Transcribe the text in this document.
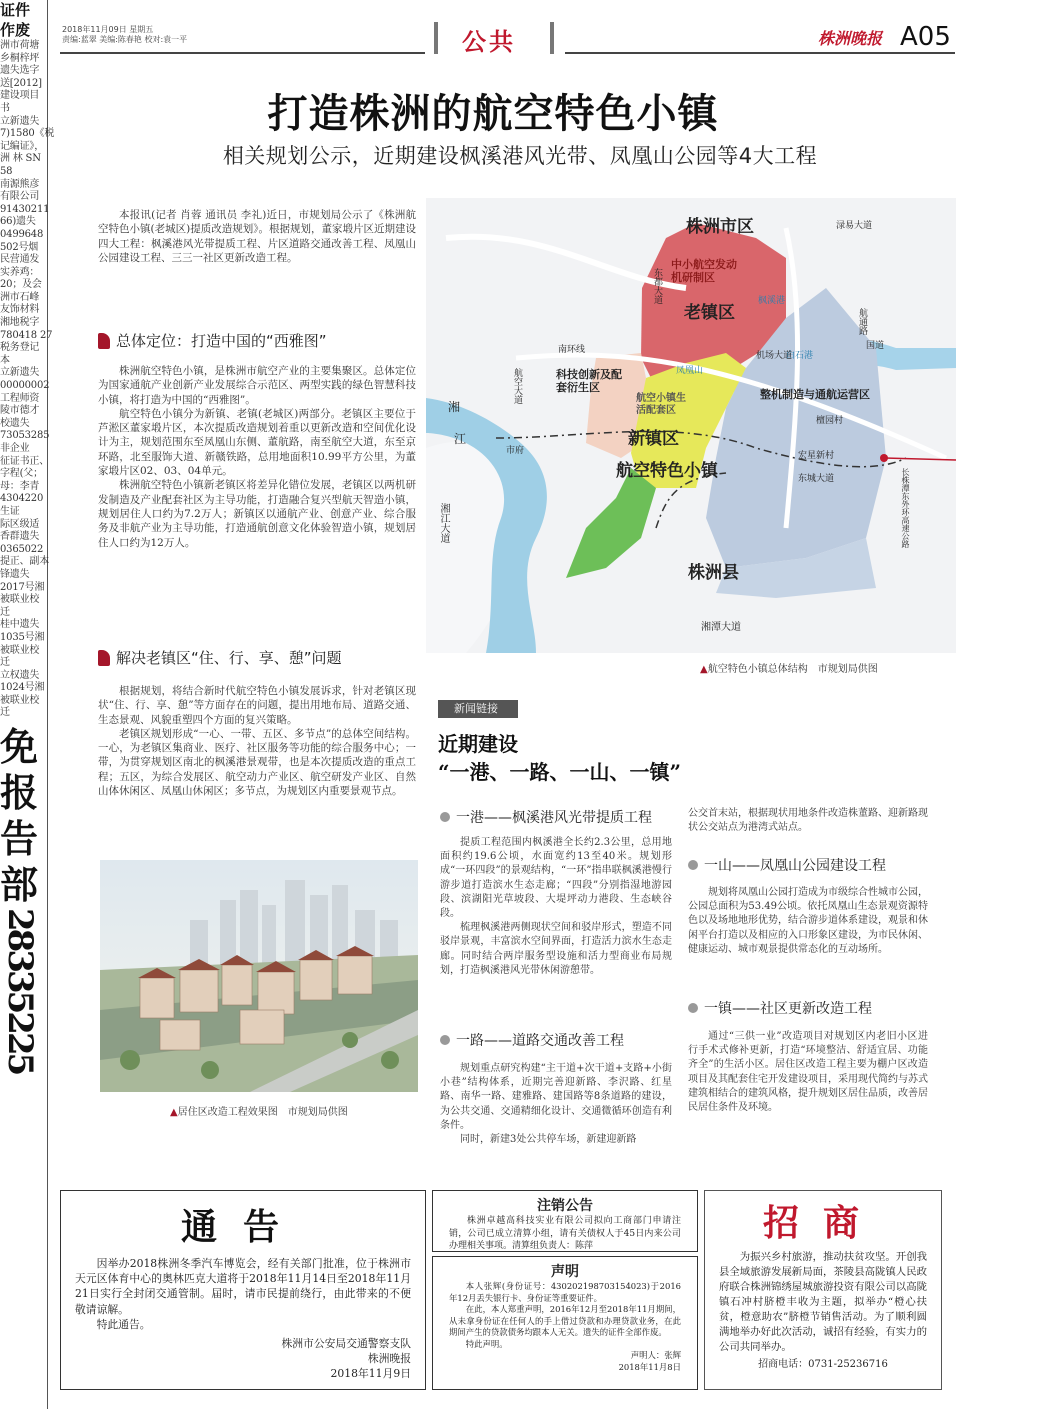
证件
作废
洲市荷塘
乡桐梓坪
遗失选字
送[2012]
建设项目
书
立新遗失
7)1580《税
记编证》，
洲 林 SN
58
南源熊彦
有限公司
91430211
66)遗失
0499648
502号烟
民营通发
实养鸡：
20；及会
洲市石峰
友饰材料
湘地税字
780418 27
税务登记
本
立新遗失
00000002
工程师资
陵市德才
校遗失
73053285
非企业
征证书正、
字程(父；
母：李青
4304220
生证
际区级适
香群遗失
0365022
提正、副本
锋遗失
2017号湘
被联业校
迁
桂中遗失
1035号湘
被联业校
迁
立权遗失
1024号湘
被联业校
迁
免
报
告
部
28335225
2018年11月09日 星期五
责编:蓝翠 美编:陈春艳 校对:袁一平	公共	株洲晚报 A05
打造株洲的航空特色小镇
相关规划公示，近期建设枫溪港风光带、凤凰山公园等4大工程

本报讯(记者 肖蓉 通讯员 李礼)近日，市规划局公示了《株洲航空特色小镇(老城区)提质改造规划》。根据规划，董家塅片区近期建设四大工程：枫溪港风光带提质工程、片区道路交通改善工程、凤凰山公园建设工程、三三一社区更新改造工程。

总体定位：打造中国的“西雅图”

株洲航空特色小镇，是株洲市航空产业的主要集聚区。总体定位为国家通航产业创新产业发展综合示范区、两型实践的绿色智慧科技小镇，将打造为中国的“西雅图”。

航空特色小镇分为新镇、老镇(老城区)两部分。老镇区主要位于芦淞区董家塅片区，本次提质改造规划着重以更新改造和空间优化设计为主，规划范围东至凤凰山东侧、董航路，南至航空大道，东至京环路，北至服饰大道、新赣铁路，总用地面积10.99平方公里，为董家塅片区02、03、04单元。

株洲航空特色小镇新老镇区将差异化错位发展，老镇区以两机研发制造及产业配套社区为主导功能，打造融合复兴型航天智造小镇，规划居住人口约为7.2万人；新镇区以通航产业、创意产业、综合服务及非航产业为主导功能，打造通航创意文化体验智造小镇，规划居住人口约为12万人。

解决老镇区“住、行、享、憩”问题

根据规划，将结合新时代航空特色小镇发展诉求，针对老镇区现状“住、行、享、憩”等方面存在的问题，提出用地布局、道路交通、生态景观、风貌重塑四个方面的复兴策略。

老镇区规划形成“一心、一带、五区、多节点”的总体空间结构。一心，为老镇区集商业、医疗、社区服务等功能的综合服务中心；一带，为贯穿规划区南北的枫溪港景观带，也是本次提质改造的重点工程；五区，为综合发展区、航空动力产业区、航空研发产业区、自然山体休闲区、凤凰山休闲区；多节点，为规划区内重要景观节点。

▲居住区改造工程效果图　市规划局供图
株洲市区
中小航空发动机研制区
老镇区
科技创新及配套衍生区
航空小镇生活配套区
新镇区
航空特色小镇
整机制造与通航运营区
株洲县
湘
江
湘江大道
湘潭大道
南环线
凤凰山
枫溪港
白石港
航空大道
东都大道
机场大道
宏星新村
东城大道
市府
国道
檀园村
长株潭东外环高速公路
航通路
渌易大道
▲航空特色小镇总体结构　市规划局供图
新闻链接
近期建设
“一港、一路、一山、一镇”
一港——枫溪港风光带提质工程

提质工程范围内枫溪港全长约2.3公里，总用地面积约19.6公顷，水面宽约13至40米。规划形成“一环四段”的景观结构，“一环”指串联枫溪港慢行游步道打造滨水生态走廊；“四段”分别指湿地游园段、滨湖阳光草坡段、大堤坪动力港段、生态峡谷段。

梳理枫溪港两侧现状空间和驳岸形式，塑造不同驳岸景观，丰富滨水空间界面，打造活力滨水生态走廊。同时结合两岸服务型设施和活力型商业布局规划，打造枫溪港风光带休闲游憩带。

一路——道路交通改善工程

规划重点研究构建“主干道+次干道+支路+小街小巷”结构体系，近期完善迎新路、李沢路、红星路、南华一路、建雅路、建国路等8条道路的建设，为公共交通、交通精细化设计、交通微循环创造有利条件。

同时，新建3处公共停车场，新建迎新路

公交首末站，根据现状用地条件改造株董路、迎新路现状公交站点为港湾式站点。

一山——凤凰山公园建设工程

规划将凤凰山公园打造成为市级综合性城市公园，公园总面积为53.49公顷。依托凤凰山生态景观资源特色以及场地地形优势，结合游步道体系建设，观景和休闲平台打造以及相应的入口形象区建设，为市民休闲、健康运动、城市观景提供常态化的互动场所。

一镇——社区更新改造工程

通过“三供一业”改造项目对规划区内老旧小区进行手术式修补更新，打造“环境整洁、舒适宜居、功能齐全”的生活小区。居住区改造工程主要为棚户区改造项目及其配套住宅开发建设项目，采用现代简约与苏式建筑相结合的建筑风格，提升规划区居住品质，改善居民居住条件及环境。

通告

因举办2018株洲冬季汽车博览会，经有关部门批准，位于株洲市天元区体育中心的奥林匹克大道将于2018年11月14日至2018年11月21日实行全封闭交通管制。届时，请市民提前绕行，由此带来的不便敬请谅解。

特此通告。

株洲市公安局交通警察支队
株洲晚报
2018年11月9日
注销公告

株洲卓越高科技实业有限公司拟向工商部门申请注销，公司已成立清算小组，请有关债权人于45日内来公司办理相关事项。清算组负责人：陈萍

声明

本人张辉(身份证号：430202198703154023)于2016年12月丢失银行卡、身份证等重要证件。

在此，本人郑重声明，2016年12月至2018年11月期间，从未拿身份证在任何人的手上借过贷款和办理贷款业务，在此期间产生的贷款债务均跟本人无关。遗失的证件全部作废。

特此声明。

声明人：张辉
2018年11月8日
招商

为振兴乡村旅游，推动扶贫攻坚。开创我县全域旅游发展新局面，茶陵县高陇镇人民政府联合株洲锦绣屋城旅游投资有限公司以高陇镇石冲村脐橙丰收为主题，拟举办“橙心扶贫，橙意助农”脐橙节销售活动。为了顺利圆满地举办好此次活动，诚招有经验，有实力的公司共同举办。

招商电话：0731-25236716
